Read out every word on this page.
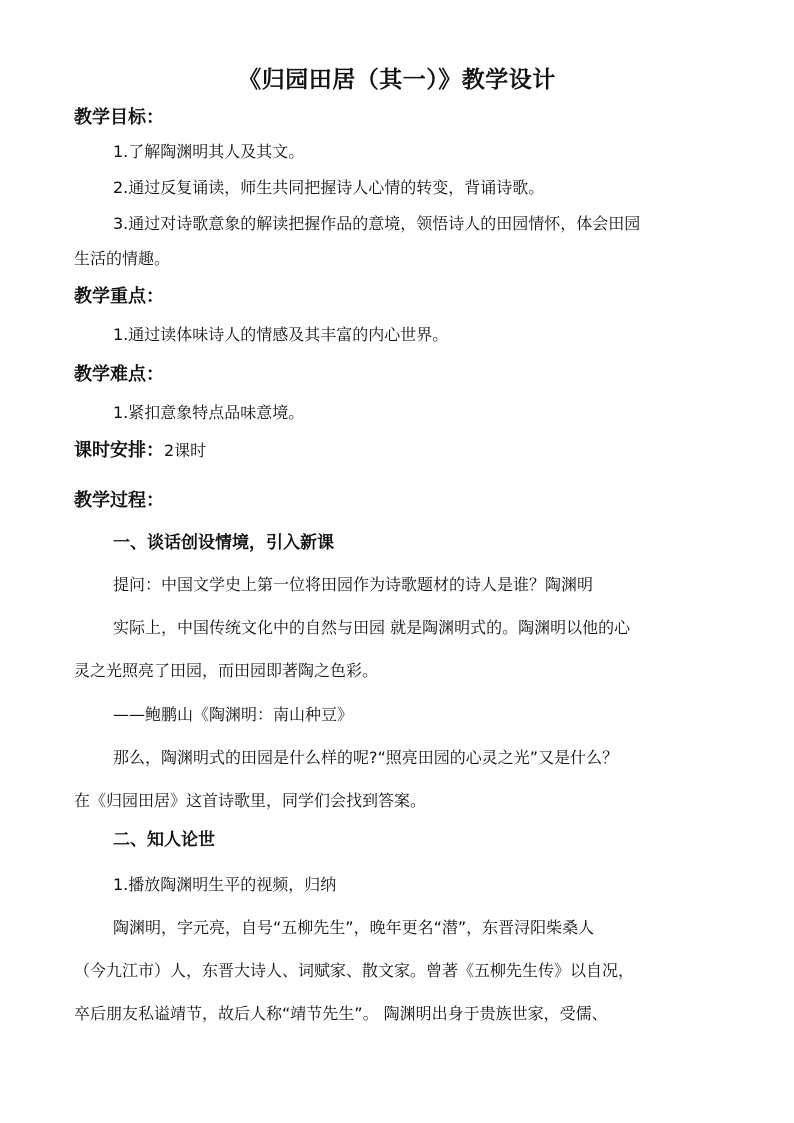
《归园田居（其一）》教学设计
教学目标：
1.了解陶渊明其人及其文。
2.通过反复诵读，师生共同把握诗人心情的转变，背诵诗歌。
3.通过对诗歌意象的解读把握作品的意境，领悟诗人的田园情怀，体会田园
生活的情趣。
教学重点：
1.通过读体味诗人的情感及其丰富的内心世界。
教学难点：
1.紧扣意象特点品味意境。
课时安排：2课时
教学过程：
一、谈话创设情境，引入新课
提问：中国文学史上第一位将田园作为诗歌题材的诗人是谁？陶渊明
实际上，中国传统文化中的自然与田园 就是陶渊明式的。陶渊明以他的心
灵之光照亮了田园，而田园即著陶之色彩。
——鲍鹏山《陶渊明：南山种豆》
那么，陶渊明式的田园是什么样的呢?“照亮田园的心灵之光”又是什么？
在《归园田居》这首诗歌里，同学们会找到答案。
二、知人论世
1.播放陶渊明生平的视频，归纳
陶渊明，字元亮，自号“五柳先生”，晚年更名“潜”，东晋浔阳柴桑人
（今九江市）人，东晋大诗人、词赋家、散文家。曾著《五柳先生传》以自况，
卒后朋友私谥靖节，故后人称“靖节先生”。 陶渊明出身于贵族世家，受儒、
